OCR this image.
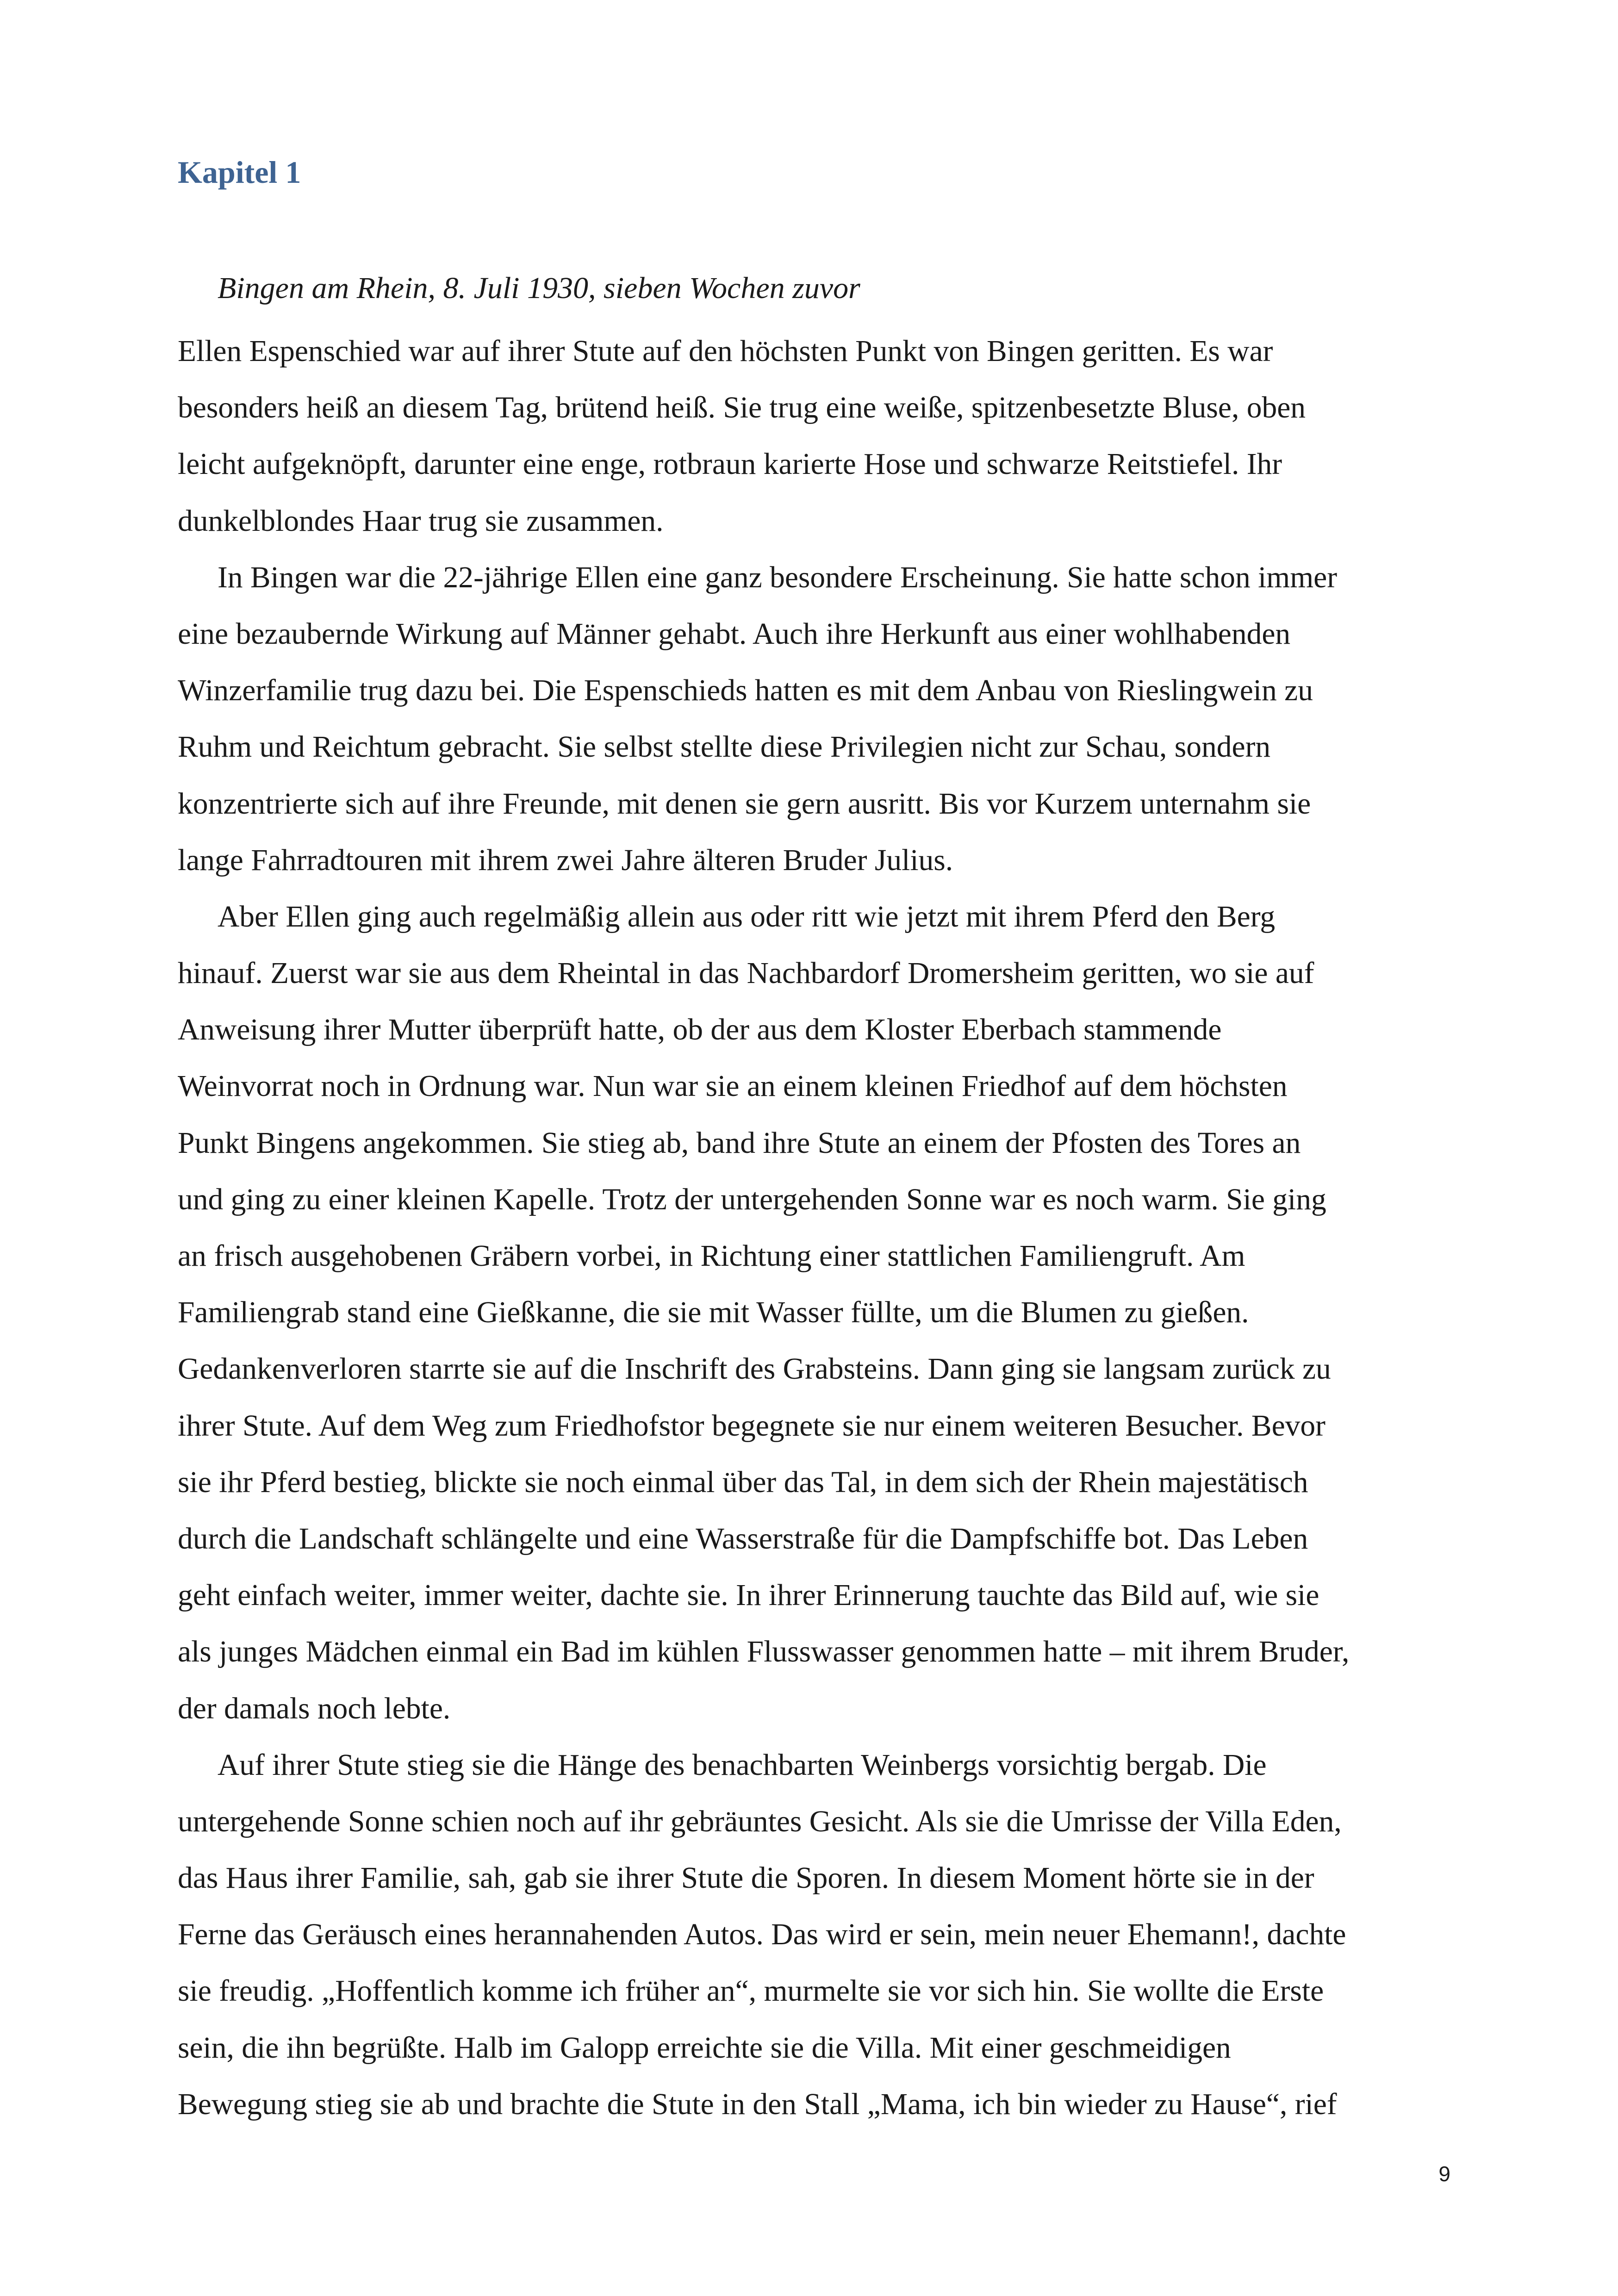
Kapitel 1

Bingen am Rhein, 8. Juli 1930, sieben Wochen zuvor

Ellen Espenschied war auf ihrer Stute auf den höchsten Punkt von Bingen geritten. Es war
besonders heiß an diesem Tag, brütend heiß. Sie trug eine weiße, spitzenbesetzte Bluse, oben
leicht aufgeknöpft, darunter eine enge, rotbraun karierte Hose und schwarze Reitstiefel. Ihr
dunkelblondes Haar trug sie zusammen.
In Bingen war die 22-jährige Ellen eine ganz besondere Erscheinung. Sie hatte schon immer
eine bezaubernde Wirkung auf Männer gehabt. Auch ihre Herkunft aus einer wohlhabenden
Winzerfamilie trug dazu bei. Die Espenschieds hatten es mit dem Anbau von Rieslingwein zu
Ruhm und Reichtum gebracht. Sie selbst stellte diese Privilegien nicht zur Schau, sondern
konzentrierte sich auf ihre Freunde, mit denen sie gern ausritt. Bis vor Kurzem unternahm sie
lange Fahrradtouren mit ihrem zwei Jahre älteren Bruder Julius.
Aber Ellen ging auch regelmäßig allein aus oder ritt wie jetzt mit ihrem Pferd den Berg
hinauf. Zuerst war sie aus dem Rheintal in das Nachbardorf Dromersheim geritten, wo sie auf
Anweisung ihrer Mutter überprüft hatte, ob der aus dem Kloster Eberbach stammende
Weinvorrat noch in Ordnung war. Nun war sie an einem kleinen Friedhof auf dem höchsten
Punkt Bingens angekommen. Sie stieg ab, band ihre Stute an einem der Pfosten des Tores an
und ging zu einer kleinen Kapelle. Trotz der untergehenden Sonne war es noch warm. Sie ging
an frisch ausgehobenen Gräbern vorbei, in Richtung einer stattlichen Familiengruft. Am
Familiengrab stand eine Gießkanne, die sie mit Wasser füllte, um die Blumen zu gießen.
Gedankenverloren starrte sie auf die Inschrift des Grabsteins. Dann ging sie langsam zurück zu
ihrer Stute. Auf dem Weg zum Friedhofstor begegnete sie nur einem weiteren Besucher. Bevor
sie ihr Pferd bestieg, blickte sie noch einmal über das Tal, in dem sich der Rhein majestätisch
durch die Landschaft schlängelte und eine Wasserstraße für die Dampfschiffe bot. Das Leben
geht einfach weiter, immer weiter, dachte sie. In ihrer Erinnerung tauchte das Bild auf, wie sie
als junges Mädchen einmal ein Bad im kühlen Flusswasser genommen hatte – mit ihrem Bruder,
der damals noch lebte.
Auf ihrer Stute stieg sie die Hänge des benachbarten Weinbergs vorsichtig bergab. Die
untergehende Sonne schien noch auf ihr gebräuntes Gesicht. Als sie die Umrisse der Villa Eden,
das Haus ihrer Familie, sah, gab sie ihrer Stute die Sporen. In diesem Moment hörte sie in der
Ferne das Geräusch eines herannahenden Autos. Das wird er sein, mein neuer Ehemann!, dachte
sie freudig. „Hoffentlich komme ich früher an“, murmelte sie vor sich hin. Sie wollte die Erste
sein, die ihn begrüßte. Halb im Galopp erreichte sie die Villa. Mit einer geschmeidigen
Bewegung stieg sie ab und brachte die Stute in den Stall „Mama, ich bin wieder zu Hause“, rief
9
